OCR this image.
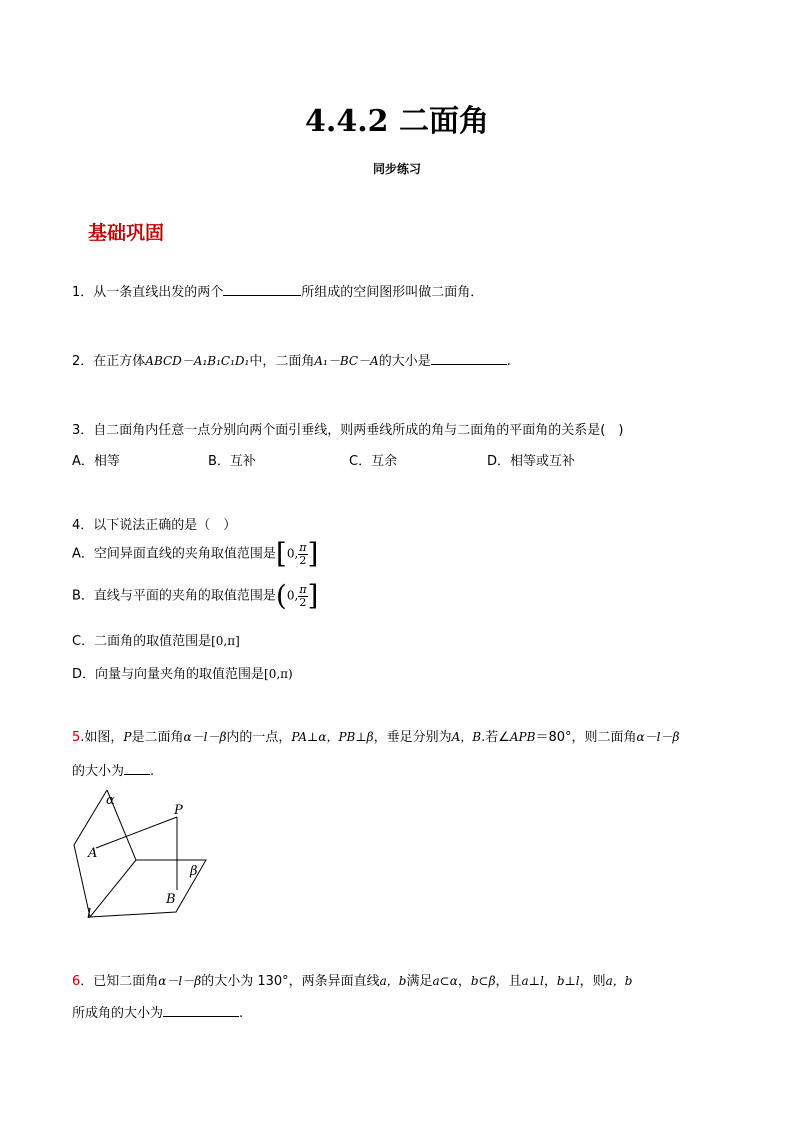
4.4.2 二面角
同步练习
基础巩固
1．从一条直线出发的两个	所组成的空间图形叫做二面角．
2．在正方体ABCD－A₁B₁C₁D₁中，二面角A₁－BC－A的大小是	.
3．自二面角内任意一点分别向两个面引垂线，则两垂线所成的角与二面角的平面角的关系是(　)
A．相等	B．互补	C．互余	D．相等或互补
4．以下说法正确的是（　）
A．空间异面直线的夹角取值范围是[0, $\frac{\pi}{2}$ ]
B．直线与平面的夹角的取值范围是(0, $\frac{\pi}{2}$ ]
C．二面角的取值范围是[0,π]
D．向量与向量夹角的取值范围是[0,π)
5.如图，P是二面角α－l－β内的一点，PA⊥α，PB⊥β，垂足分别为A，B.若∠APB＝80°，则二面角α－l－β
的大小为 .
α
β
P
A
B
l
6．已知二面角α－l－β的大小为 130°，两条异面直线a，b满足a⊂α，b⊂β，且a⊥l，b⊥l，则a，b
所成角的大小为	.
